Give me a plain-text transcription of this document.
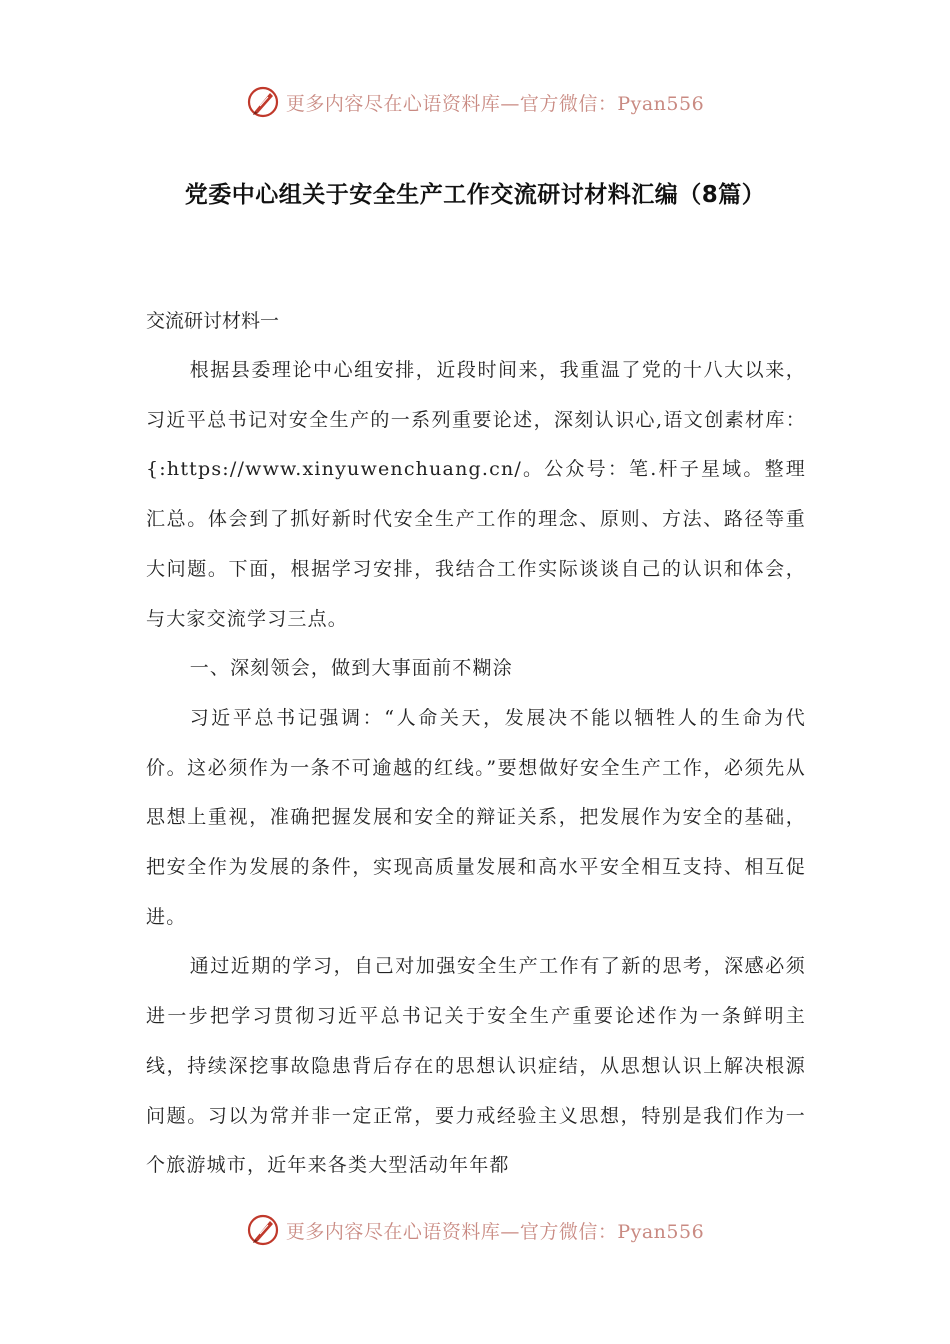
更多内容尽在心语资料库—官方微信：Pyan556
党委中心组关于安全生产工作交流研讨材料汇编（8篇）

交流研讨材料一

根据县委理论中心组安排，近段时间来，我重温了党的十八大以来，习近平总书记对安全生产的一系列重要论述，深刻认识心,语文创素材库：{:https://www.xinyuwenchuang.cn/。公众号：笔.杆子星域。整理汇总。体会到了抓好新时代安全生产工作的理念、原则、方法、路径等重大问题。下面，根据学习安排，我结合工作实际谈谈自己的认识和体会，与大家交流学习三点。

一、深刻领会，做到大事面前不糊涂

习近平总书记强调：“人命关天，发展决不能以牺牲人的生命为代价。这必须作为一条不可逾越的红线。”要想做好安全生产工作，必须先从思想上重视，准确把握发展和安全的辩证关系，把发展作为安全的基础，把安全作为发展的条件，实现高质量发展和高水平安全相互支持、相互促进。

通过近期的学习，自己对加强安全生产工作有了新的思考，深感必须进一步把学习贯彻习近平总书记关于安全生产重要论述作为一条鲜明主线，持续深挖事故隐患背后存在的思想认识症结，从思想认识上解决根源问题。习以为常并非一定正常，要力戒经验主义思想，特别是我们作为一个旅游城市，近年来各类大型活动年年都

更多内容尽在心语资料库—官方微信：Pyan556
